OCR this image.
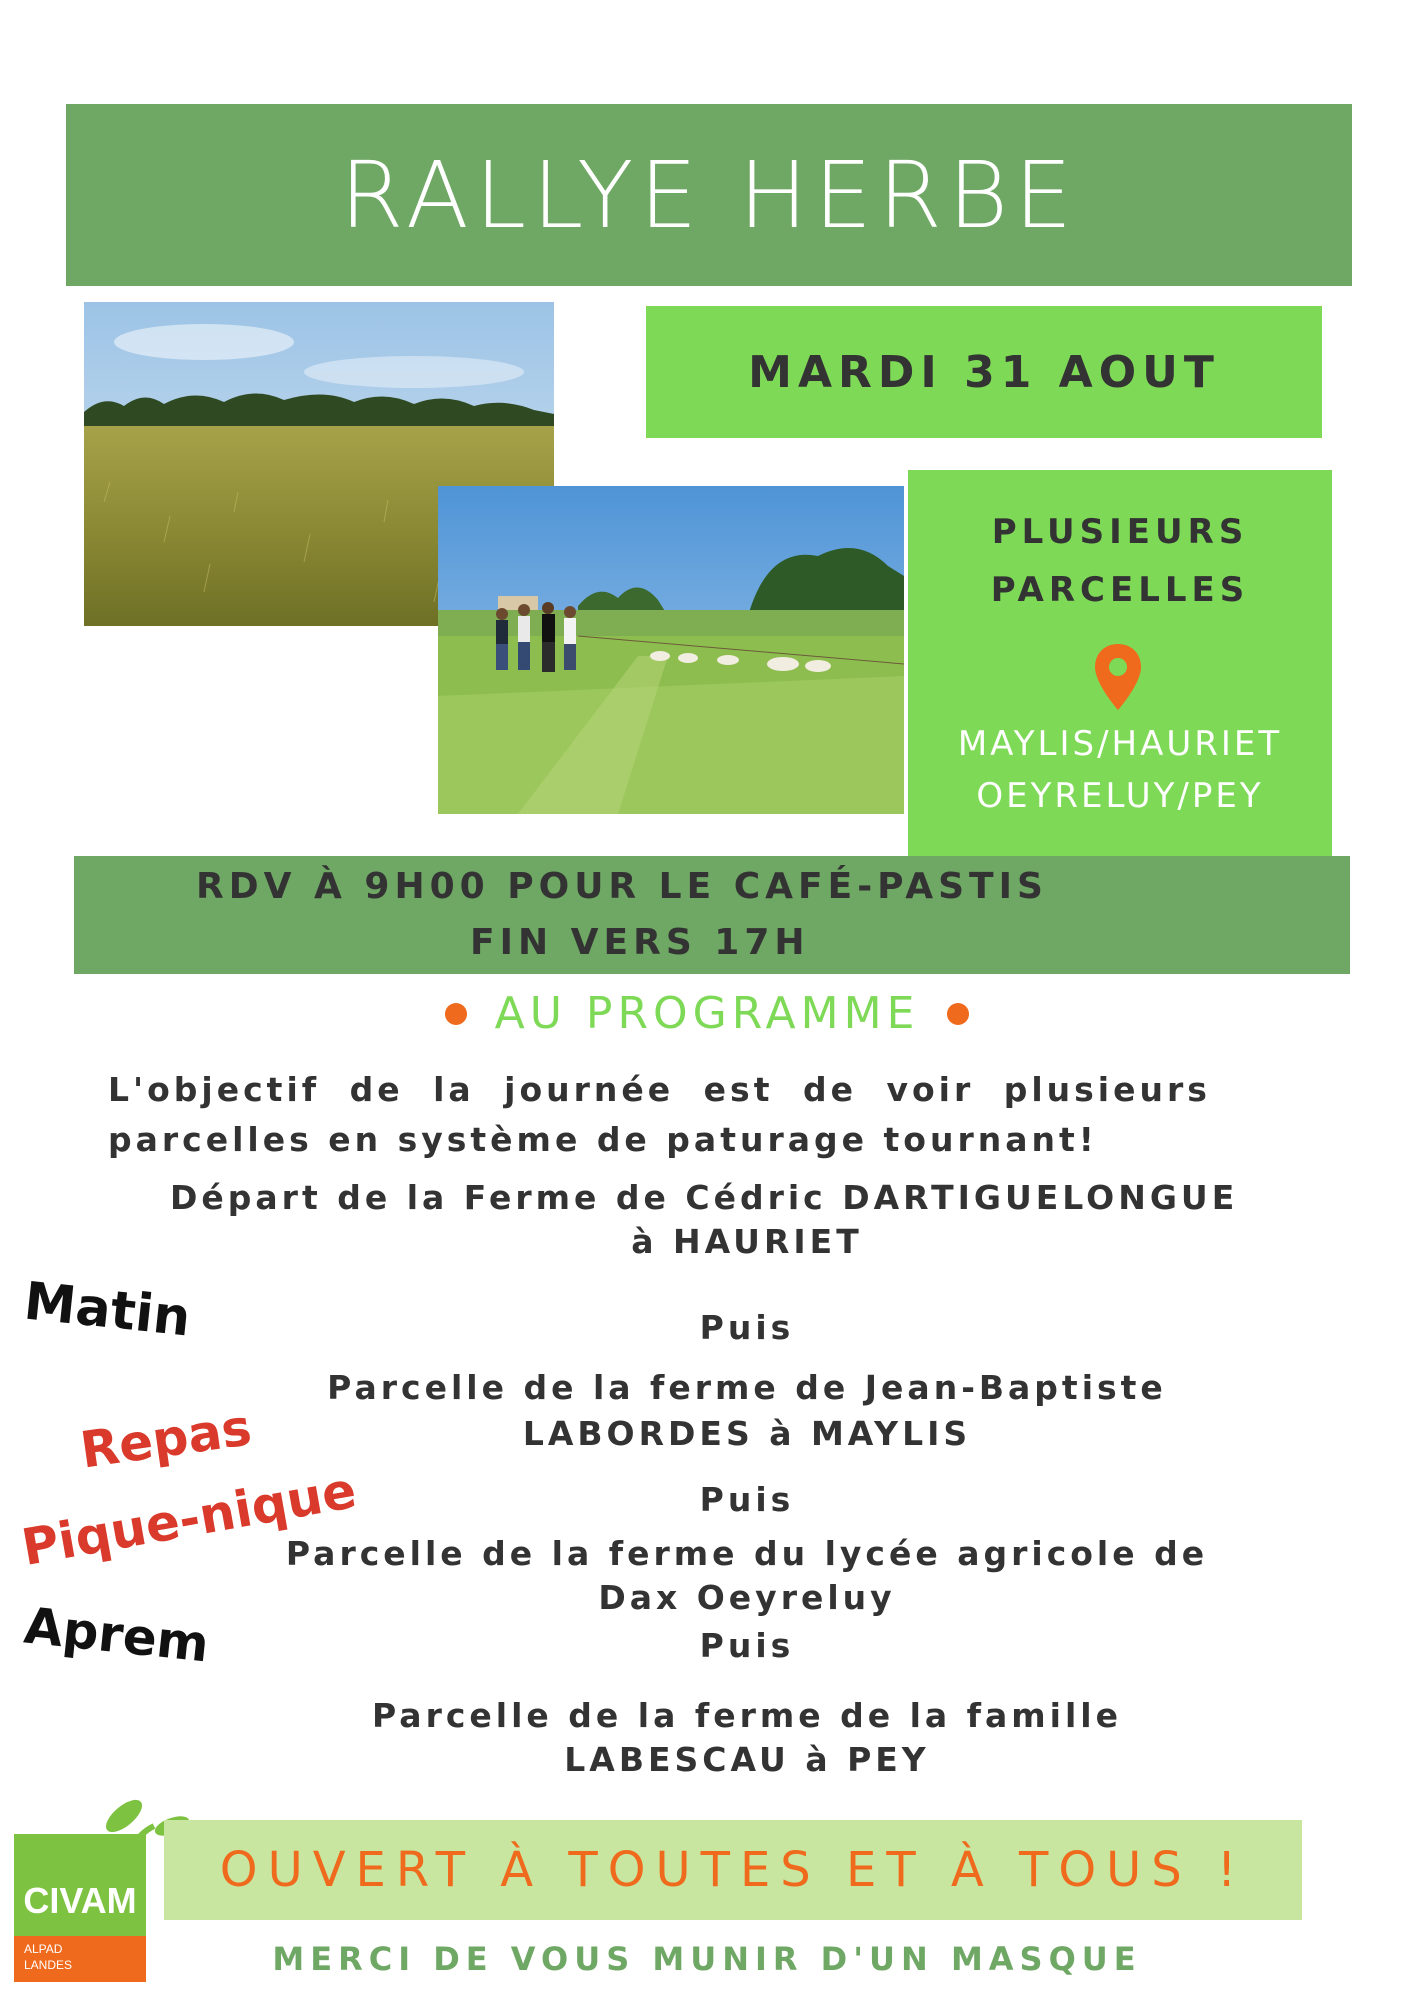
RALLYE HERBE
MARDI 31 AOUT
PLUSIEURS
PARCELLES
MAYLIS/HAURIET
OEYRELUY/PEY
RDV À 9H00 POUR LE CAFÉ-PASTIS
FIN VERS 17H
AU PROGRAMME
L'objectif de la journée est de voir plusieurs
parcelles en système de paturage tournant!
Départ de la Ferme de Cédric DARTIGUELONGUE
à HAURIET
Puis
Parcelle de la ferme de Jean-Baptiste
LABORDES à MAYLIS
Puis
Parcelle de la ferme du lycée agricole de
Dax Oeyreluy
Puis
Parcelle de la ferme de la famille
LABESCAU à PEY
Matin
Repas
Pique-nique
Aprem
CIVAM
ALPAD
LANDES
OUVERT À TOUTES ET À TOUS !
MERCI DE VOUS MUNIR D'UN MASQUE
